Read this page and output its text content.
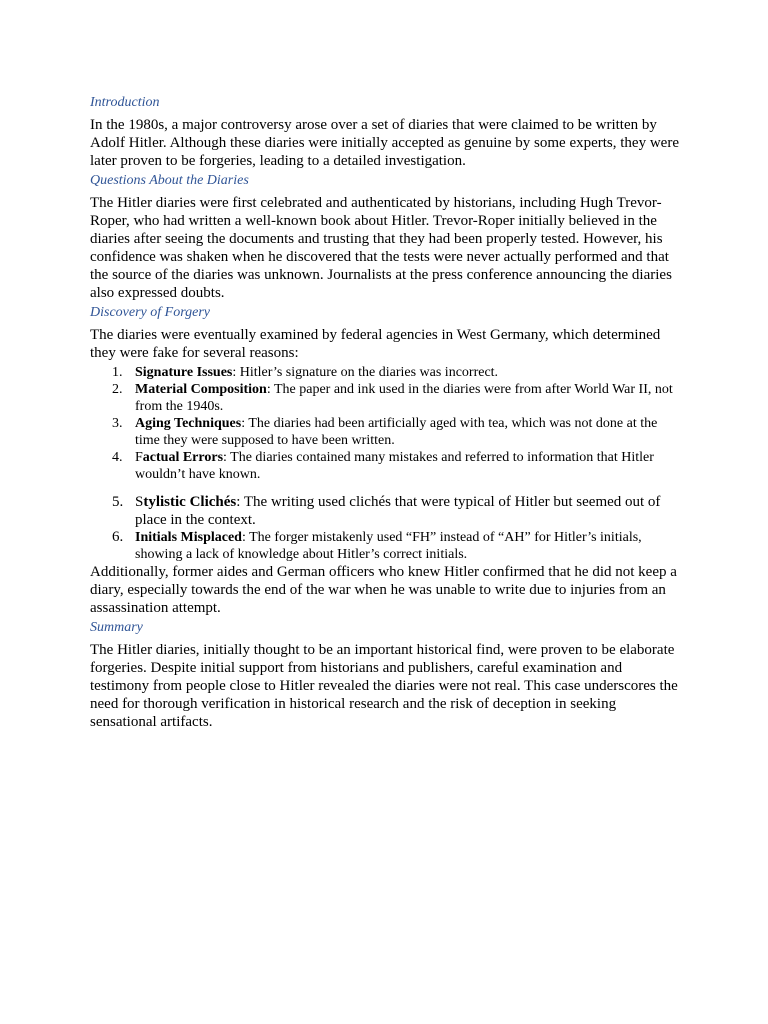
Introduction

In the 1980s, a major controversy arose over a set of diaries that were claimed to be written by Adolf Hitler. Although these diaries were initially accepted as genuine by some experts, they were later proven to be forgeries, leading to a detailed investigation.

Questions About the Diaries

The Hitler diaries were first celebrated and authenticated by historians, including Hugh Trevor-Roper, who had written a well-known book about Hitler. Trevor-Roper initially believed in the diaries after seeing the documents and trusting that they had been properly tested. However, his confidence was shaken when he discovered that the tests were never actually performed and that the source of the diaries was unknown. Journalists at the press conference announcing the diaries also expressed doubts.

Discovery of Forgery

The diaries were eventually examined by federal agencies in West Germany, which determined they were fake for several reasons:

1. Signature Issues: Hitler’s signature on the diaries was incorrect.
2. Material Composition: The paper and ink used in the diaries were from after World War II, not from the 1940s.
3. Aging Techniques: The diaries had been artificially aged with tea, which was not done at the time they were supposed to have been written.
4. Factual Errors: The diaries contained many mistakes and referred to information that Hitler wouldn’t have known.
5. Stylistic Clichés: The writing used clichés that were typical of Hitler but seemed out of place in the context.
6. Initials Misplaced: The forger mistakenly used “FH” instead of “AH” for Hitler’s initials, showing a lack of knowledge about Hitler’s correct initials.

Additionally, former aides and German officers who knew Hitler confirmed that he did not keep a diary, especially towards the end of the war when he was unable to write due to injuries from an assassination attempt.

Summary

The Hitler diaries, initially thought to be an important historical find, were proven to be elaborate forgeries. Despite initial support from historians and publishers, careful examination and testimony from people close to Hitler revealed the diaries were not real. This case underscores the need for thorough verification in historical research and the risk of deception in seeking sensational artifacts.
